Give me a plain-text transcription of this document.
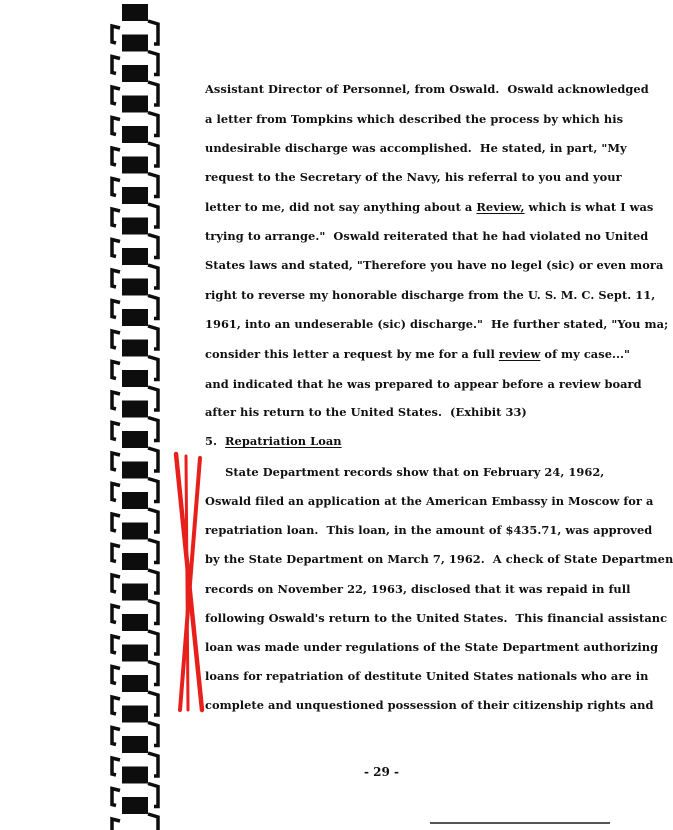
Assistant Director of Personnel, from Oswald.  Oswald acknowledged
a letter from Tompkins which described the process by which his
undesirable discharge was accomplished.  He stated, in part, "My
request to the Secretary of the Navy, his referral to you and your
letter to me, did not say anything about a Review, which is what I was
trying to arrange."  Oswald reiterated that he had violated no United
States laws and stated, "Therefore you have no legel (sic) or even mora
right to reverse my honorable discharge from the U. S. M. C. Sept. 11,
1961, into an undeserable (sic) discharge."  He further stated, "You ma;
consider this letter a request by me for a full review of my case..."
and indicated that he was prepared to appear before a review board
after his return to the United States.  (Exhibit 33)
5.  Repatriation Loan
State Department records show that on February 24, 1962,
Oswald filed an application at the American Embassy in Moscow for a
repatriation loan.  This loan, in the amount of $435.71, was approved
by the State Department on March 7, 1962.  A check of State Departmen
records on November 22, 1963, disclosed that it was repaid in full
following Oswald's return to the United States.  This financial assistanc
loan was made under regulations of the State Department authorizing
loans for repatriation of destitute United States nationals who are in
complete and unquestioned possession of their citizenship rights and
- 29 -
